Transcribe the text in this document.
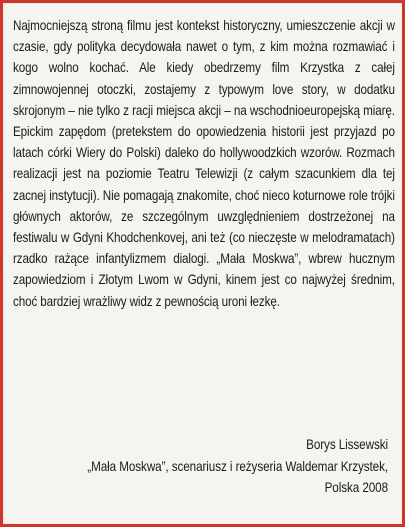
Najmocniejszą stroną filmu jest kontekst historyczny, umieszczenie akcji w czasie, gdy polityka decydowała nawet o tym, z kim można rozmawiać i kogo wolno kochać. Ale kiedy obedrzemy film Krzystka z całej zimnowojennej otoczki, zostajemy z typowym love story, w dodatku skrojonym – nie tylko z racji miejsca akcji – na wschodnioeuropejską miarę. Epickim zapędom (pretekstem do opowiedzenia historii jest przyjazd po latach córki Wiery do Polski) daleko do hollywoodzkich wzorów. Rozmach realizacji jest na poziomie Teatru Telewizji (z całym szacunkiem dla tej zacnej instytucji). Nie pomagają znakomite, choć nieco koturnowe role trójki głównych aktorów, ze szczególnym uwzględnieniem dostrzeżonej na festiwalu w Gdyni Khodchenkovej, ani też (co nieczęste w melodramatach) rzadko rażące infantylizmem dialogi. „Mała Moskwa”, wbrew hucznym zapowiedziom i Złotym Lwom w Gdyni, kinem jest co najwyżej średnim, choć bardziej wrażliwy widz z pewnością uroni łezkę.

Borys Lissewski
„Mała Moskwa”, scenariusz i reżyseria Waldemar Krzystek,
Polska 2008
